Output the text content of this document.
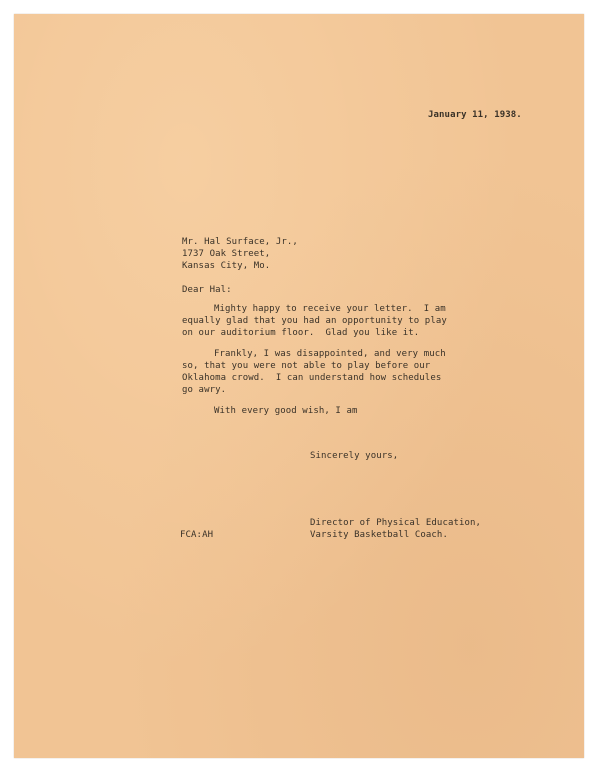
January 11, 1938.

Mr. Hal Surface, Jr.,

1737 Oak Street,

Kansas City, Mo.

Dear Hal:

Mighty happy to receive your letter.  I am

equally glad that you had an opportunity to play

on our auditorium floor.  Glad you like it.

Frankly, I was disappointed, and very much

so, that you were not able to play before our

Oklahoma crowd.  I can understand how schedules

go awry.

With every good wish, I am

Sincerely yours,

FCA:AH

Director of Physical Education,

Varsity Basketball Coach.
